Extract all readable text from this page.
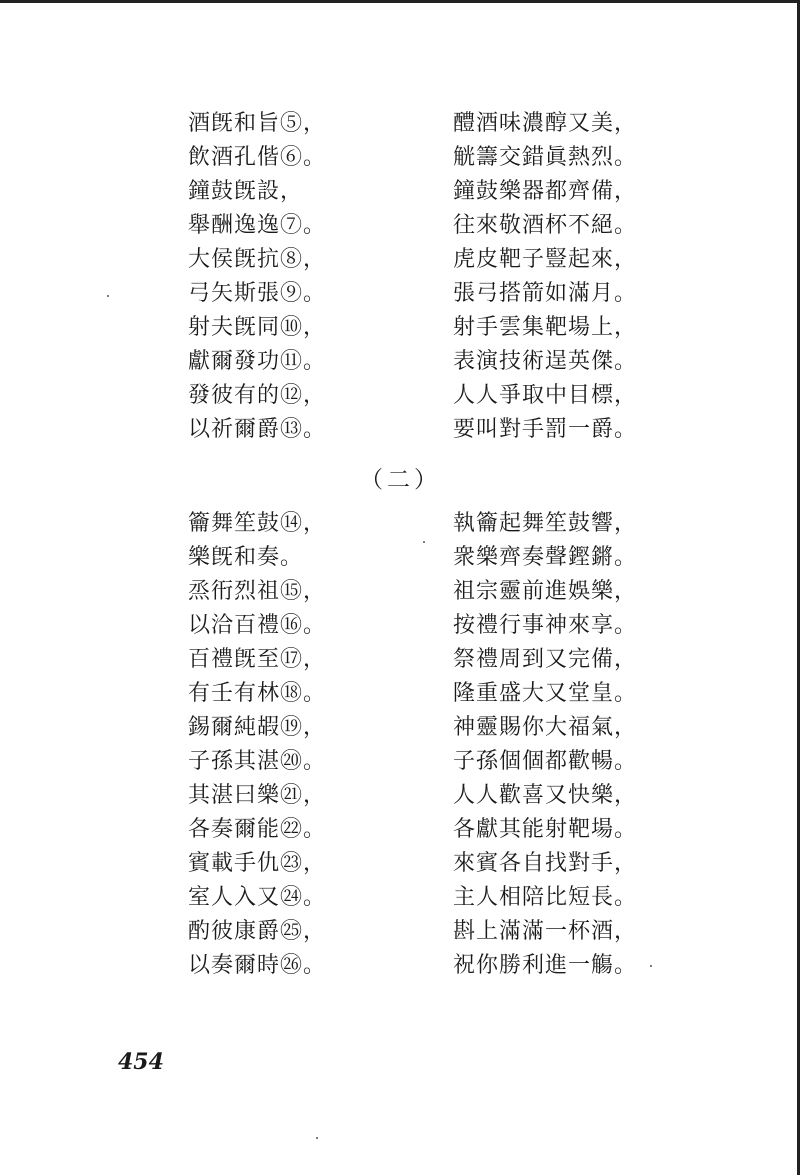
酒旣和旨⑤，
飲酒孔偕⑥。
鐘鼓旣設，
舉酬逸逸⑦。
大侯旣抗⑧，
弓矢斯張⑨。
射夫旣同⑩，
獻爾發功⑪。
發彼有的⑫，
以祈爾爵⑬。
醴酒味濃醇又美，
觥籌交錯眞熱烈。
鐘鼓樂器都齊備，
往來敬酒杯不絕。
虎皮靶子豎起來，
張弓搭箭如滿月。
射手雲集靶場上，
表演技術逞英傑。
人人爭取中目標，
要叫對手罰一爵。
（二）
籥舞笙鼓⑭，
樂旣和奏。
烝衎烈祖⑮，
以洽百禮⑯。
百禮旣至⑰，
有壬有林⑱。
錫爾純嘏⑲，
子孫其湛⑳。
其湛曰樂㉑，
各奏爾能㉒。
賓載手仇㉓，
室人入又㉔。
酌彼康爵㉕，
以奏爾時㉖。
執籥起舞笙鼓響，
衆樂齊奏聲鏗鏘。
祖宗靈前進娛樂，
按禮行事神來享。
祭禮周到又完備，
隆重盛大又堂皇。
神靈賜你大福氣，
子孫個個都歡暢。
人人歡喜又快樂，
各獻其能射靶場。
來賓各自找對手，
主人相陪比短長。
斟上滿滿一杯酒，
祝你勝利進一觴。
454
